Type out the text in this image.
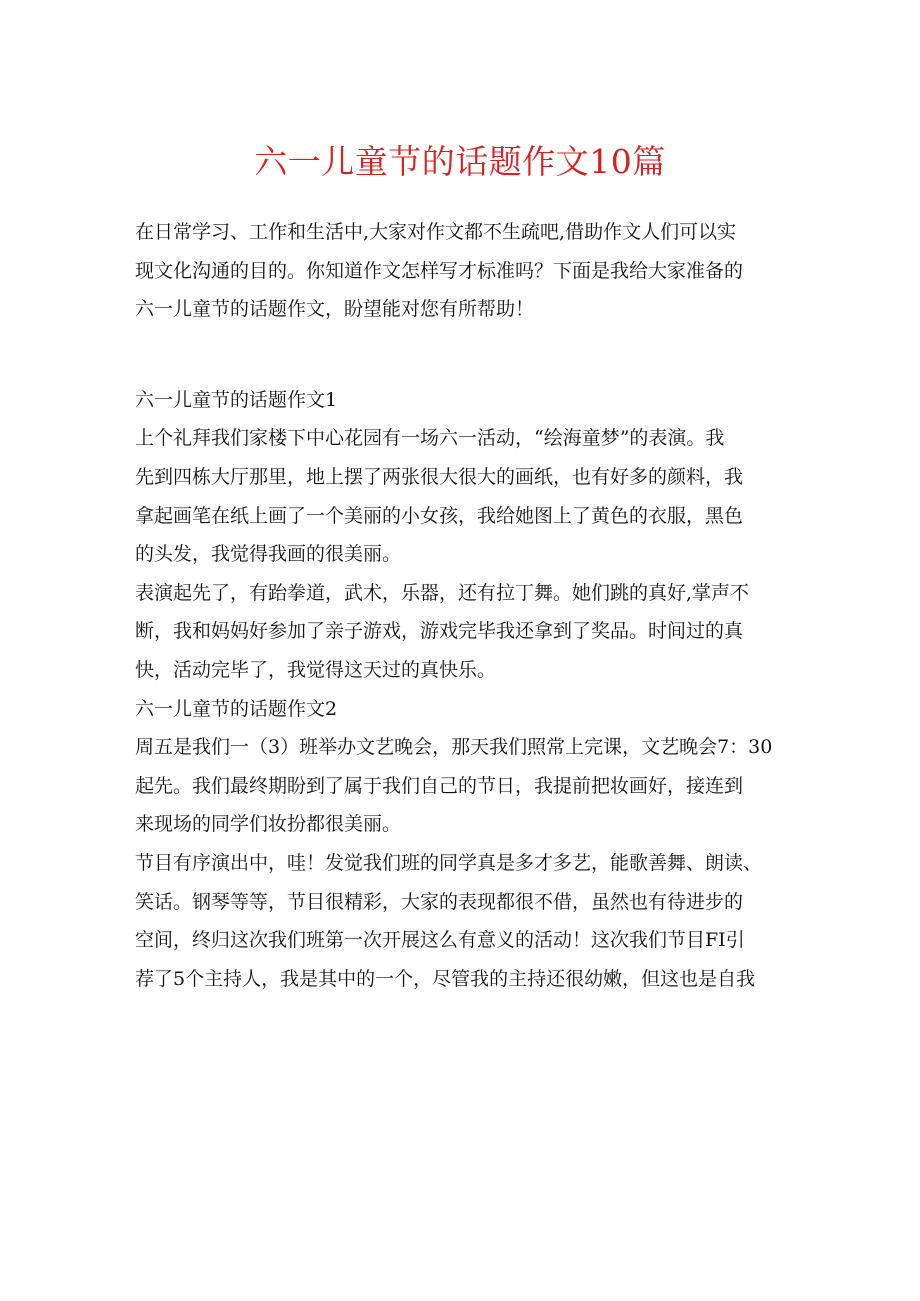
六一儿童节的话题作文10篇

在日常学习、工作和生活中,大家对作文都不生疏吧,借助作文人们可以实

现文化沟通的目的。你知道作文怎样写才标准吗？下面是我给大家准备的

六一儿童节的话题作文，盼望能对您有所帮助！

六一儿童节的话题作文1

上个礼拜我们家楼下中心花园有一场六一活动，“绘海童梦”的表演。我

先到四栋大厅那里，地上摆了两张很大很大的画纸，也有好多的颜料，我

拿起画笔在纸上画了一个美丽的小女孩，我给她图上了黄色的衣服，黑色

的头发，我觉得我画的很美丽。

表演起先了，有跆拳道，武术，乐器，还有拉丁舞。她们跳的真好,掌声不

断，我和妈妈好参加了亲子游戏，游戏完毕我还拿到了奖品。时间过的真

快，活动完毕了，我觉得这天过的真快乐。

六一儿童节的话题作文2

周五是我们一（3）班举办文艺晚会，那天我们照常上完课，文艺晚会7：30

起先。我们最终期盼到了属于我们自己的节日，我提前把妆画好，接连到

来现场的同学们妆扮都很美丽。

节目有序演出中，哇！发觉我们班的同学真是多才多艺，能歌善舞、朗读、

笑话。钢琴等等，节目很精彩，大家的表现都很不借，虽然也有待进步的

空间，终归这次我们班第一次开展这么有意义的活动！这次我们节目FI引

荐了5个主持人，我是其中的一个，尽管我的主持还很幼嫩，但这也是自我
